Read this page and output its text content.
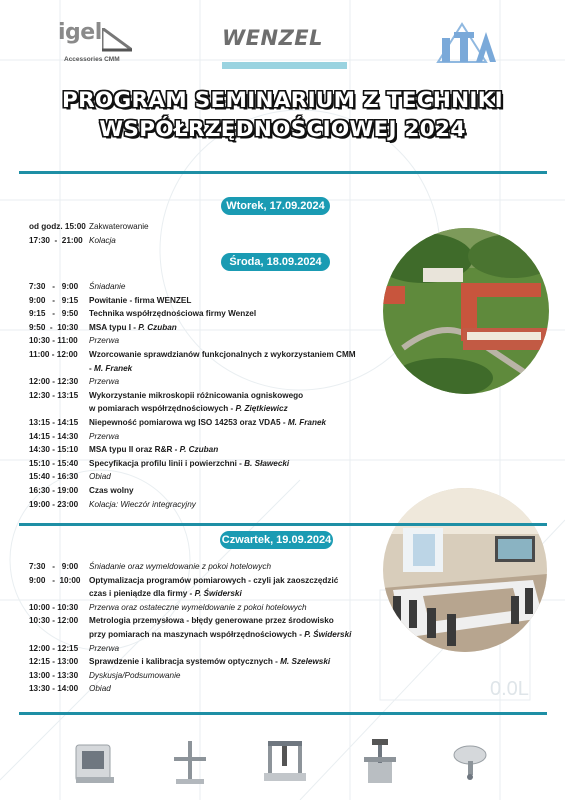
0.0L
igel
Accessories CMM
WENZEL
PROGRAM SEMINARIUM Z TECHNIKI
WSPÓŁRZĘDNOŚCIOWEJ 2024
Wtorek, 17.09.2024
od godz. 15:00 Zakwaterowanie
17:30  -  21:00 Kolacja
Środa, 18.09.2024
7:30   -   9:00	Śniadanie
9:00   -   9:15	Powitanie - firma WENZEL
9:15   -   9:50	Technika współrzędnościowa firmy Wenzel
9:50  -  10:30	MSA typu I - P. Czuban
10:30 - 11:00	Przerwa
11:00 - 12:00	Wzorcowanie sprawdzianów funkcjonalnych z wykorzystaniem CMM
- M. Franek
12:00 - 12:30	Przerwa
12:30 - 13:15	Wykorzystanie mikroskopii różnicowania ogniskowego
w pomiarach współrzędnościowych - P. Ziętkiewicz
13:15 - 14:15	Niepewność pomiarowa wg ISO 14253 oraz VDA5 - M. Franek
14:15 - 14:30	Przerwa
14:30 - 15:10	MSA typu II oraz R&R - P. Czuban
15:10 - 15:40	Specyfikacja profilu linii i powierzchni - B. Sławecki
15:40 - 16:30	Obiad
16:30 - 19:00	Czas wolny
19:00 - 23:00	Kolacja: Wieczór integracyjny
Czwartek, 19.09.2024
7:30   -   9:00	Śniadanie oraz wymeldowanie z pokoi hotelowych
9:00   -  10:00	Optymalizacja programów pomiarowych - czyli jak zaoszczędzić
czas i pieniądze dla firmy - P. Świderski
10:00 - 10:30	Przerwa oraz ostateczne wymeldowanie z pokoi hotelowych
10:30 - 12:00	Metrologia przemysłowa - błędy generowane przez środowisko
przy pomiarach na maszynach współrzędnościowych - P. Świderski
12:00 - 12:15	Przerwa
12:15 - 13:00	Sprawdzenie i kalibracja systemów optycznych - M. Szelewski
13:00 - 13:30	Dyskusja/Podsumowanie
13:30 - 14:00	Obiad
